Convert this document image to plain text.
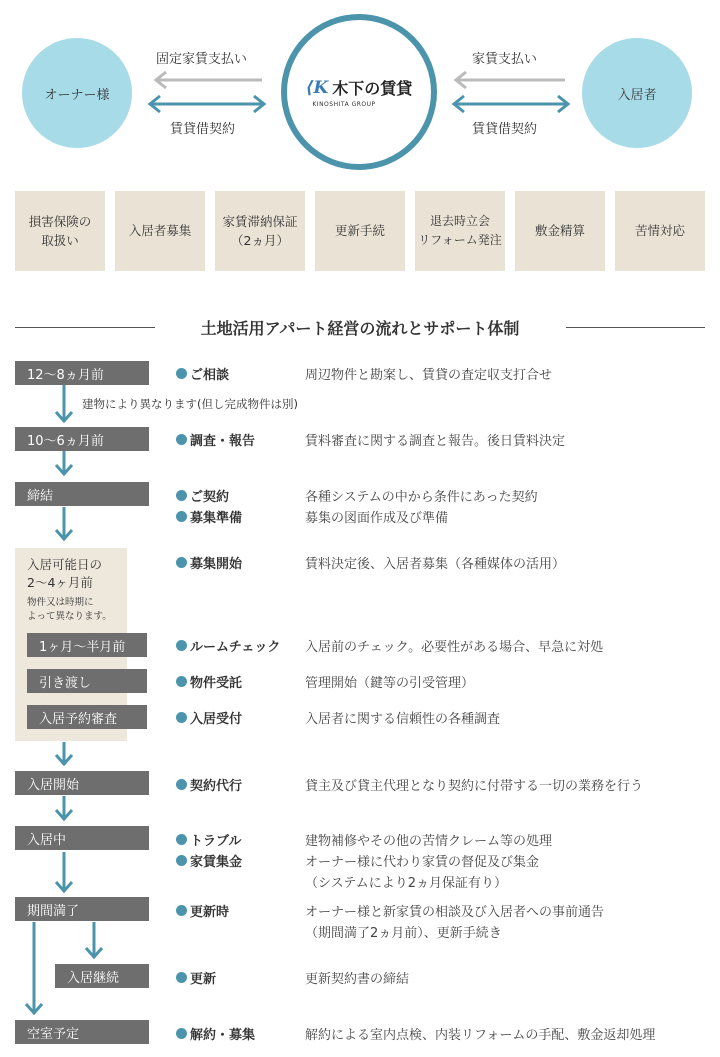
オーナー様	⟨K 木下の賃貸
KINOSHITA GROUP
入居者
固定家賃支払い
賃貸借契約
家賃支払い
賃貸借契約
損害保険の
取扱い
入居者募集
家賃滞納保証
（2ヵ月）
更新手続
退去時立会
リフォーム発注
敷金精算	苦情対応
土地活用アパート経営の流れとサポート体制
12〜8ヵ月前
10〜6ヵ月前
締結
1ヶ月〜半月前
引き渡し
入居予約審査
入居開始
入居中
期間満了
入居継続
空室予定
建物により異なります(但し完成物件は別)
入居可能日の
2〜4ヶ月前
物件又は時期に
よって異なります。
ご相談
調査・報告
ご契約
募集準備
募集開始
ルームチェック
物件受託
入居受付
契約代行
トラブル
家賃集金
更新時
更新
解約・募集
周辺物件と勘案し、賃貸の査定収支打合せ
賃料審査に関する調査と報告。後日賃料決定
各種システムの中から条件にあった契約
募集の図面作成及び準備
賃料決定後、入居者募集（各種媒体の活用）
入居前のチェック。必要性がある場合、早急に対処
管理開始（鍵等の引受管理）
入居者に関する信頼性の各種調査
貸主及び貸主代理となり契約に付帯する一切の業務を行う
建物補修やその他の苦情クレーム等の処理
オーナー様に代わり家賃の督促及び集金
（システムにより2ヵ月保証有り）
オーナー様と新家賃の相談及び入居者への事前通告
（期間満了2ヵ月前）、更新手続き
更新契約書の締結
解約による室内点検、内装リフォームの手配、敷金返却処理
